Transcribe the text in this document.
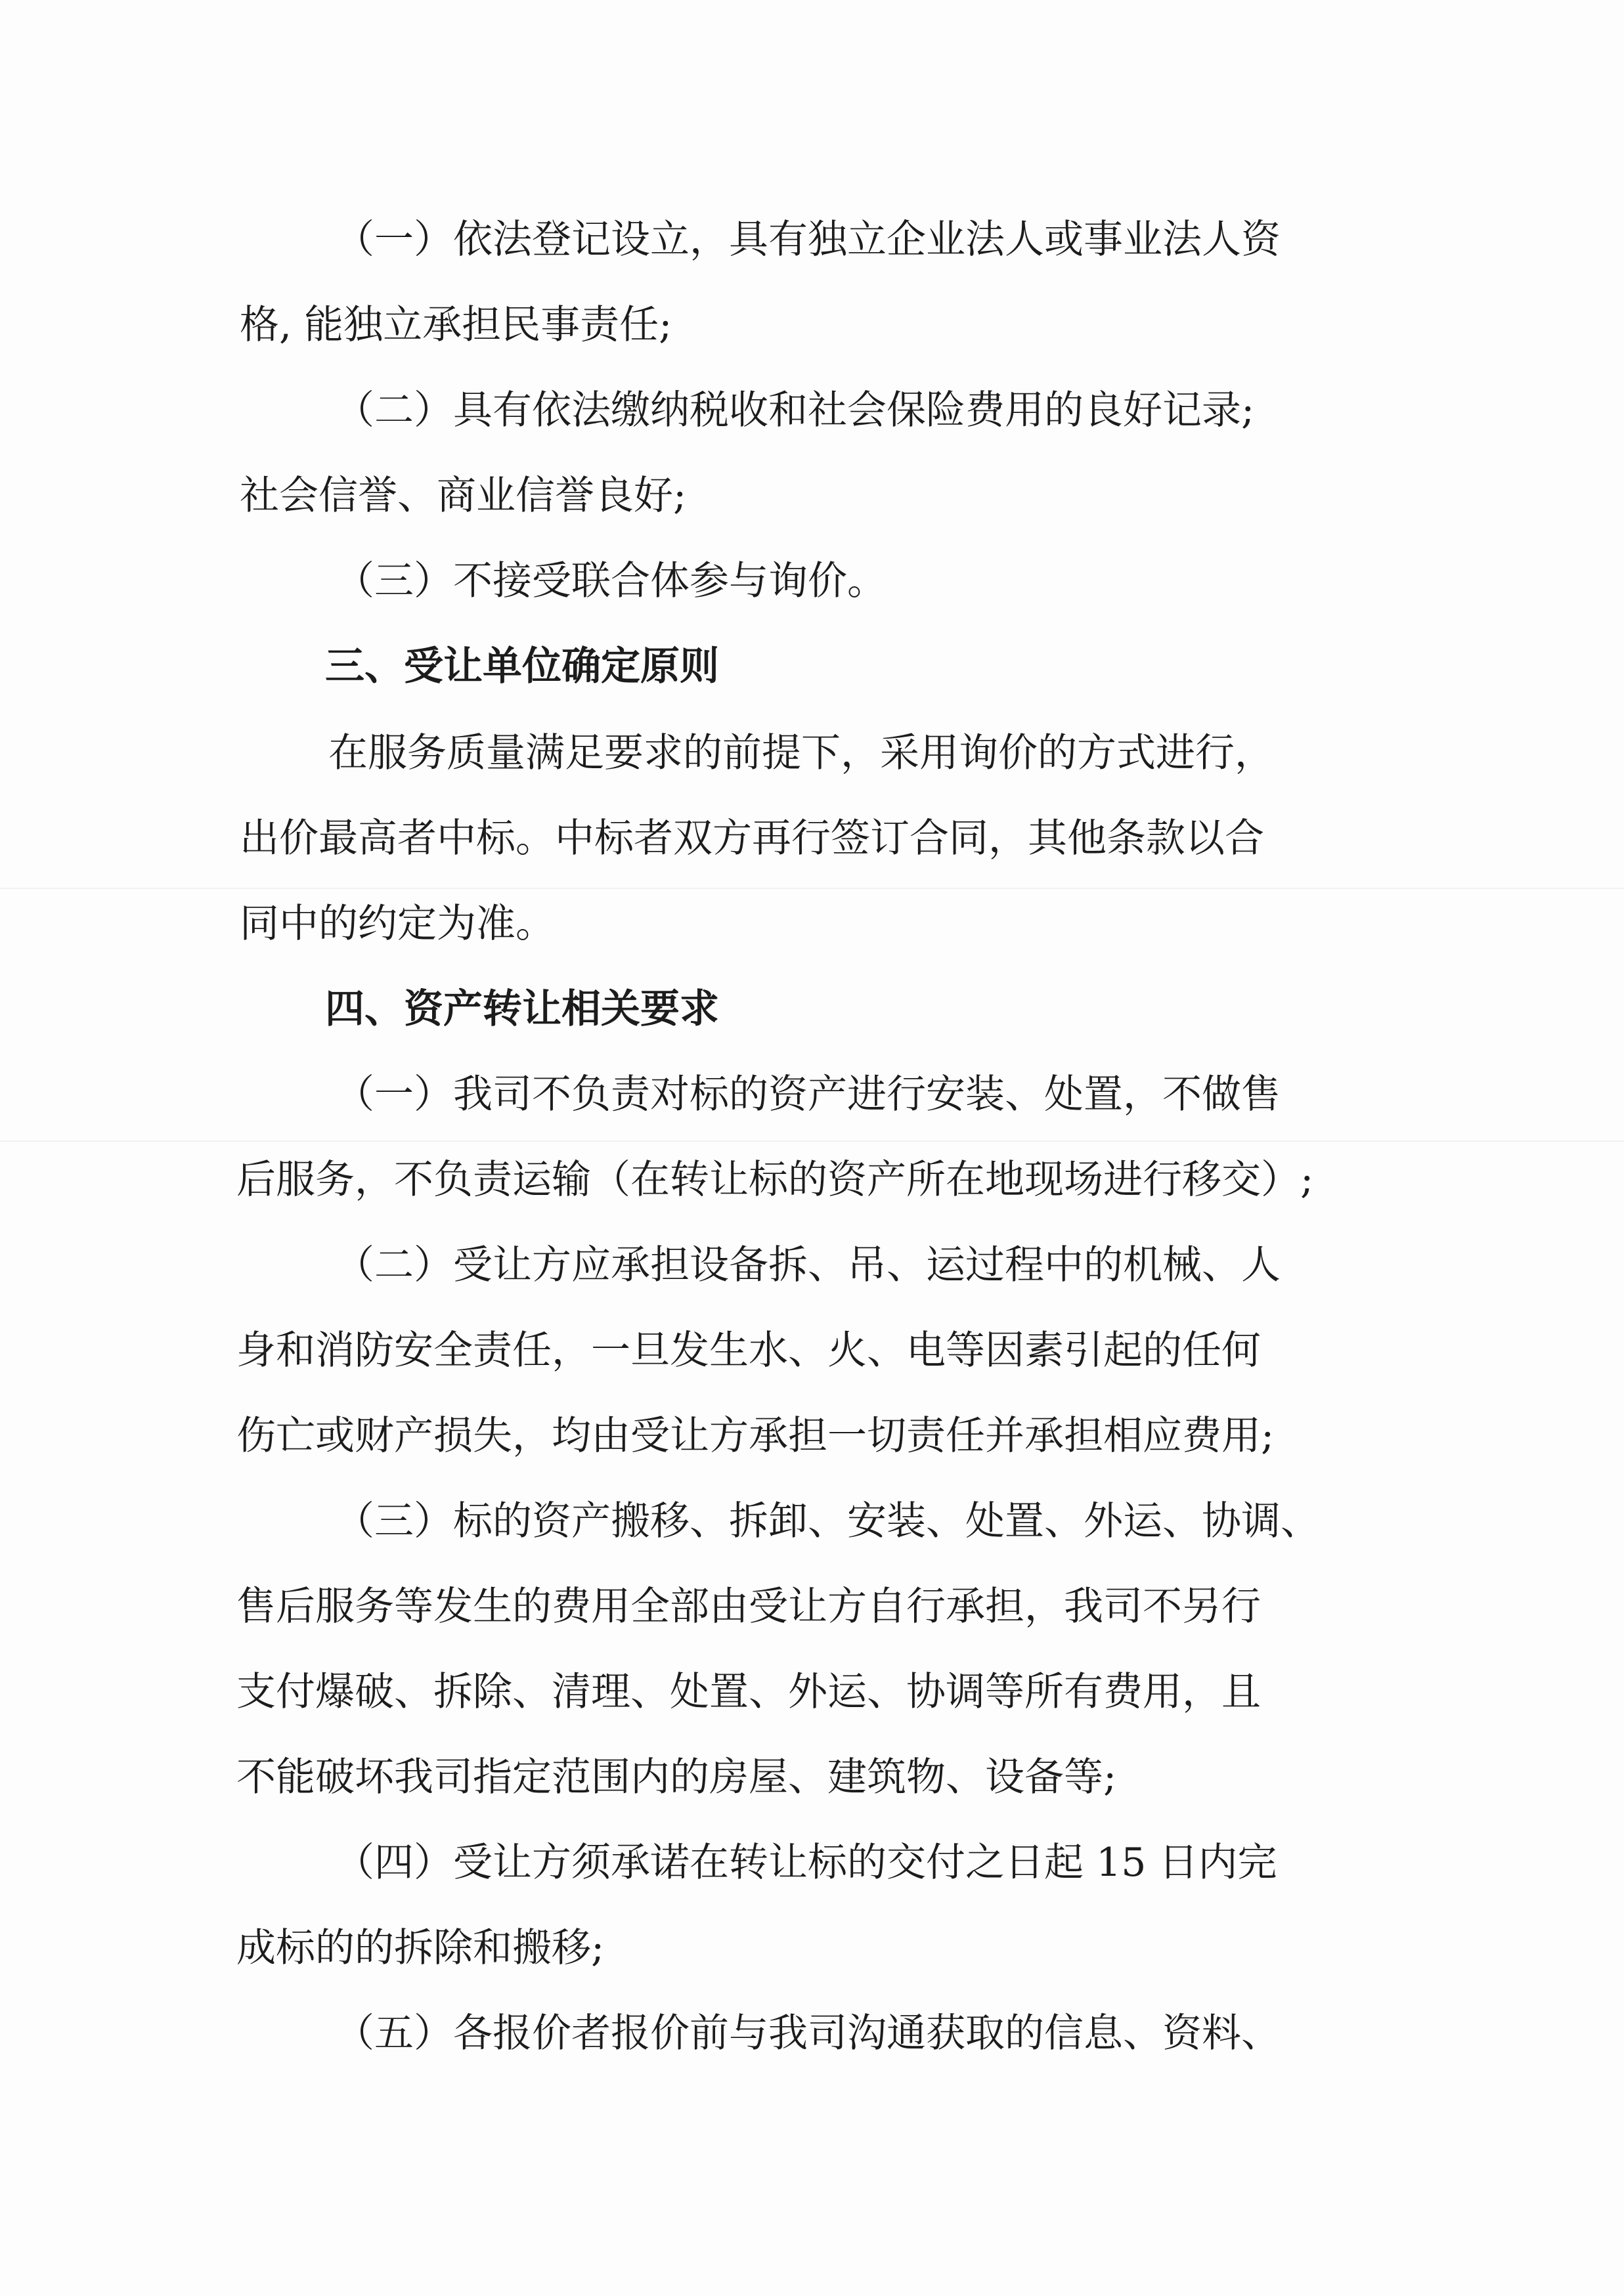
（一）依法登记设立，具有独立企业法人或事业法人资
格, 能独立承担民事责任;
（二）具有依法缴纳税收和社会保险费用的良好记录;
社会信誉、商业信誉良好;
（三）不接受联合体参与询价。
三、受让单位确定原则
在服务质量满足要求的前提下，采用询价的方式进行，
出价最高者中标。中标者双方再行签订合同，其他条款以合
同中的约定为准。
四、资产转让相关要求
（一）我司不负责对标的资产进行安装、处置，不做售
后服务，不负责运输（在转让标的资产所在地现场进行移交）;
（二）受让方应承担设备拆、吊、运过程中的机械、人
身和消防安全责任，一旦发生水、火、电等因素引起的任何
伤亡或财产损失，均由受让方承担一切责任并承担相应费用;
（三）标的资产搬移、拆卸、安装、处置、外运、协调、
售后服务等发生的费用全部由受让方自行承担，我司不另行
支付爆破、拆除、清理、处置、外运、协调等所有费用，且
不能破坏我司指定范围内的房屋、建筑物、设备等;
（四）受让方须承诺在转让标的交付之日起 15 日内完
成标的的拆除和搬移;
（五）各报价者报价前与我司沟通获取的信息、资料、
